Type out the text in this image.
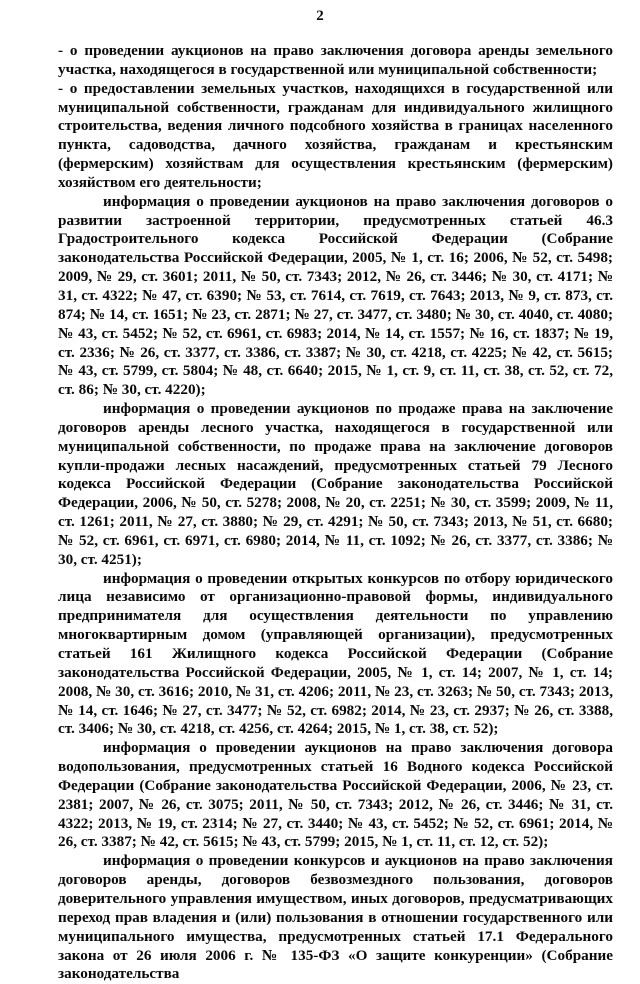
2

- о проведении аукционов на право заключения договора аренды земельного участка, находящегося в государственной или муниципальной собственности;

- о предоставлении земельных участков, находящихся в государственной или муниципальной собственности, гражданам для индивидуального жилищного строительства, ведения личного подсобного хозяйства в границах населенного пункта, садоводства, дачного хозяйства, гражданам и крестьянским (фермерским) хозяйствам для осуществления крестьянским (фермерским) хозяйством его деятельности;

информация о проведении аукционов на право заключения договоров о развитии застроенной территории, предусмотренных статьей 46.3 Градостроительного кодекса Российской Федерации (Собрание законодательства Российской Федерации, 2005, № 1, ст. 16; 2006, № 52, ст. 5498; 2009, № 29, ст. 3601; 2011, № 50, ст. 7343; 2012, № 26, ст. 3446; № 30, ст. 4171; № 31, ст. 4322; № 47, ст. 6390; № 53, ст. 7614, ст. 7619, ст. 7643; 2013, № 9, ст. 873, ст. 874; № 14, ст. 1651; № 23, ст. 2871; № 27, ст. 3477, ст. 3480; № 30, ст. 4040, ст. 4080; № 43, ст. 5452; № 52, ст. 6961, ст. 6983; 2014, № 14, ст. 1557; № 16, ст. 1837; № 19, ст. 2336; № 26, ст. 3377, ст. 3386, ст. 3387; № 30, ст. 4218, ст. 4225; № 42, ст. 5615; № 43, ст. 5799, ст. 5804; № 48, ст. 6640; 2015, № 1, ст. 9, ст. 11, ст. 38, ст. 52, ст. 72, ст. 86; № 30, ст. 4220);

информация о проведении аукционов по продаже права на заключение договоров аренды лесного участка, находящегося в государственной или муниципальной собственности, по продаже права на заключение договоров купли-продажи лесных насаждений, предусмотренных статьей 79 Лесного кодекса Российской Федерации (Собрание законодательства Российской Федерации, 2006, № 50, ст. 5278; 2008, № 20, ст. 2251; № 30, ст. 3599; 2009, № 11, ст. 1261; 2011, № 27, ст. 3880; № 29, ст. 4291; № 50, ст. 7343; 2013, № 51, ст. 6680; № 52, ст. 6961, ст. 6971, ст. 6980; 2014, № 11, ст. 1092; № 26, ст. 3377, ст. 3386; № 30, ст. 4251);

информация о проведении открытых конкурсов по отбору юридического лица независимо от организационно-правовой формы, индивидуального предпринимателя для осуществления деятельности по управлению многоквартирным домом (управляющей организации), предусмотренных статьей 161 Жилищного кодекса Российской Федерации (Собрание законодательства Российской Федерации, 2005, № 1, ст. 14; 2007, № 1, ст. 14; 2008, № 30, ст. 3616; 2010, № 31, ст. 4206; 2011, № 23, ст. 3263; № 50, ст. 7343; 2013, № 14, ст. 1646; № 27, ст. 3477; № 52, ст. 6982; 2014, № 23, ст. 2937; № 26, ст. 3388, ст. 3406; № 30, ст. 4218, ст. 4256, ст. 4264; 2015, № 1, ст. 38, ст. 52);

информация о проведении аукционов на право заключения договора водопользования, предусмотренных статьей 16 Водного кодекса Российской Федерации (Собрание законодательства Российской Федерации, 2006, № 23, ст. 2381; 2007, № 26, ст. 3075; 2011, № 50, ст. 7343; 2012, № 26, ст. 3446; № 31, ст. 4322; 2013, № 19, ст. 2314; № 27, ст. 3440; № 43, ст. 5452; № 52, ст. 6961; 2014, № 26, ст. 3387; № 42, ст. 5615; № 43, ст. 5799; 2015, № 1, ст. 11, ст. 12, ст. 52);

информация о проведении конкурсов и аукционов на право заключения договоров аренды, договоров безвозмездного пользования, договоров доверительного управления имуществом, иных договоров, предусматривающих переход прав владения и (или) пользования в отношении государственного или муниципального имущества, предусмотренных статьей 17.1 Федерального закона от 26 июля 2006 г. № 135-ФЗ «О защите конкуренции» (Собрание законодательства
